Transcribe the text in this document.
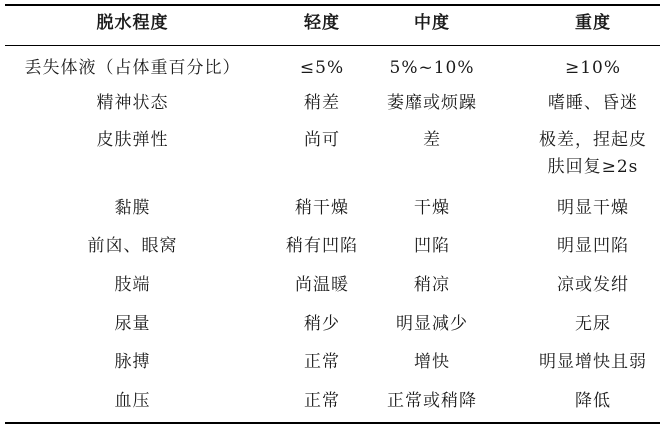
脱水程度	轻度	中度	重度
丢失体液（占体重百分比）	≤5%	5%~10%	≥10%
精神状态	稍差	萎靡或烦躁	嗜睡、昏迷
皮肤弹性	尚可	差	极差，捏起皮
肤回复≥2s
黏膜	稍干燥	干燥	明显干燥
前囟、眼窝	稍有凹陷	凹陷	明显凹陷
肢端	尚温暖	稍凉	凉或发绀
尿量	稍少	明显减少	无尿
脉搏	正常	增快	明显增快且弱
血压	正常	正常或稍降	降低
